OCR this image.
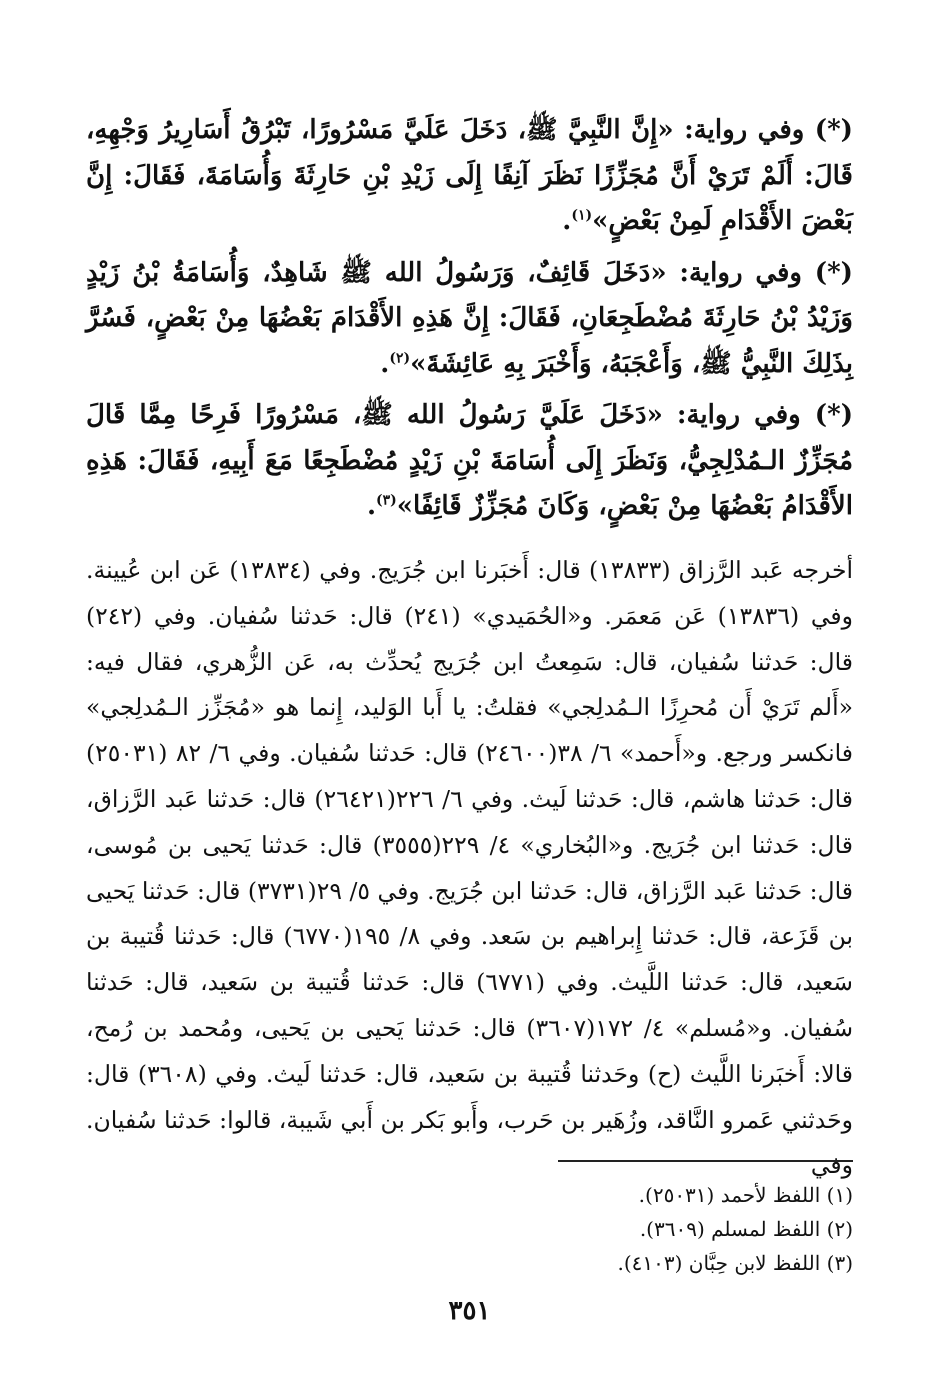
(*) وفي رواية: «إِنَّ النَّبِيَّ ﷺ، دَخَلَ عَلَيَّ مَسْرُورًا، تَبْرُقُ أَسَارِيرُ وَجْهِهِ، قَالَ: أَلَمْ تَرَيْ أَنَّ مُجَزِّزًا نَظَرَ آنِفًا إِلَى زَيْدِ بْنِ حَارِثَةَ وَأُسَامَةَ، فَقَالَ: إِنَّ بَعْضَ الأَقْدَامِ لَمِنْ بَعْضٍ»$^{(١)}$.

(*) وفي رواية: «دَخَلَ قَائِفٌ، وَرَسُولُ الله ﷺ شَاهِدٌ، وَأُسَامَةُ بْنُ زَيْدٍ وَزَيْدُ بْنُ حَارِثَةَ مُضْطَجِعَانِ، فَقَالَ: إِنَّ هَذِهِ الأَقْدَامَ بَعْضُهَا مِنْ بَعْضٍ، فَسُرَّ بِذَلِكَ النَّبِيُّ ﷺ، وَأَعْجَبَهُ، وَأَخْبَرَ بِهِ عَائِشَةَ»$^{(٢)}$.

(*) وفي رواية: «دَخَلَ عَلَيَّ رَسُولُ الله ﷺ، مَسْرُورًا فَرِحًا مِمَّا قَالَ مُجَزِّزٌ الـمُدْلِجِيُّ، وَنَظَرَ إِلَى أُسَامَةَ بْنِ زَيْدٍ مُضْطَجِعًا مَعَ أَبِيهِ، فَقَالَ: هَذِهِ الأَقْدَامُ بَعْضُهَا مِنْ بَعْضٍ، وَكَانَ مُجَزِّزٌ قَائِفًا»$^{(٣)}$.

أخرجه عَبد الرَّزاق (١٣٨٣٣) قال: أَخبَرنا ابن جُرَيج. وفي (١٣٨٣٤) عَن ابن عُيينة. وفي (١٣٨٣٦) عَن مَعمَر. و«الحُمَيدي» (٢٤١) قال: حَدثنا سُفيان. وفي (٢٤٢) قال: حَدثنا سُفيان، قال: سَمِعتُ ابن جُرَيج يُحدِّث به، عَن الزُّهري، فقال فيه: «أَلم تَرَيْ أَن مُحرِزًا الـمُدلِجي» فقلتُ: يا أَبا الوَليد، إِنما هو «مُجَزِّز الـمُدلِجي» فانكسر ورجع. و«أَحمد» ٦/ ٣٨(٢٤٦٠٠) قال: حَدثنا سُفيان. وفي ٦/ ٨٢ (٢٥٠٣١) قال: حَدثنا هاشم، قال: حَدثنا لَيث. وفي ٦/ ٢٢٦(٢٦٤٢١) قال: حَدثنا عَبد الرَّزاق، قال: حَدثنا ابن جُرَيج. و«البُخاري» ٤/ ٢٢٩(٣٥٥٥) قال: حَدثنا يَحيى بن مُوسى، قال: حَدثنا عَبد الرَّزاق، قال: حَدثنا ابن جُرَيج. وفي ٥/ ٢٩(٣٧٣١) قال: حَدثنا يَحيى بن قَزَعة، قال: حَدثنا إِبراهيم بن سَعد. وفي ٨/ ١٩٥(٦٧٧٠) قال: حَدثنا قُتيبة بن سَعيد، قال: حَدثنا اللَّيث. وفي (٦٧٧١) قال: حَدثنا قُتيبة بن سَعيد، قال: حَدثنا سُفيان. و«مُسلم» ٤/ ١٧٢(٣٦٠٧) قال: حَدثنا يَحيى بن يَحيى، ومُحمد بن رُمح، قالا: أَخبَرنا اللَّيث (ح) وحَدثنا قُتيبة بن سَعيد، قال: حَدثنا لَيث. وفي (٣٦٠٨) قال: وحَدثني عَمرو النَّاقد، وزُهَير بن حَرب، وأَبو بَكر بن أَبي شَيبة، قالوا: حَدثنا سُفيان. وفي

(١) اللفظ لأحمد (٢٥٠٣١).
(٢) اللفظ لمسلم (٣٦٠٩).
(٣) اللفظ لابن حِبَّان (٤١٠٣).
٣٥١
